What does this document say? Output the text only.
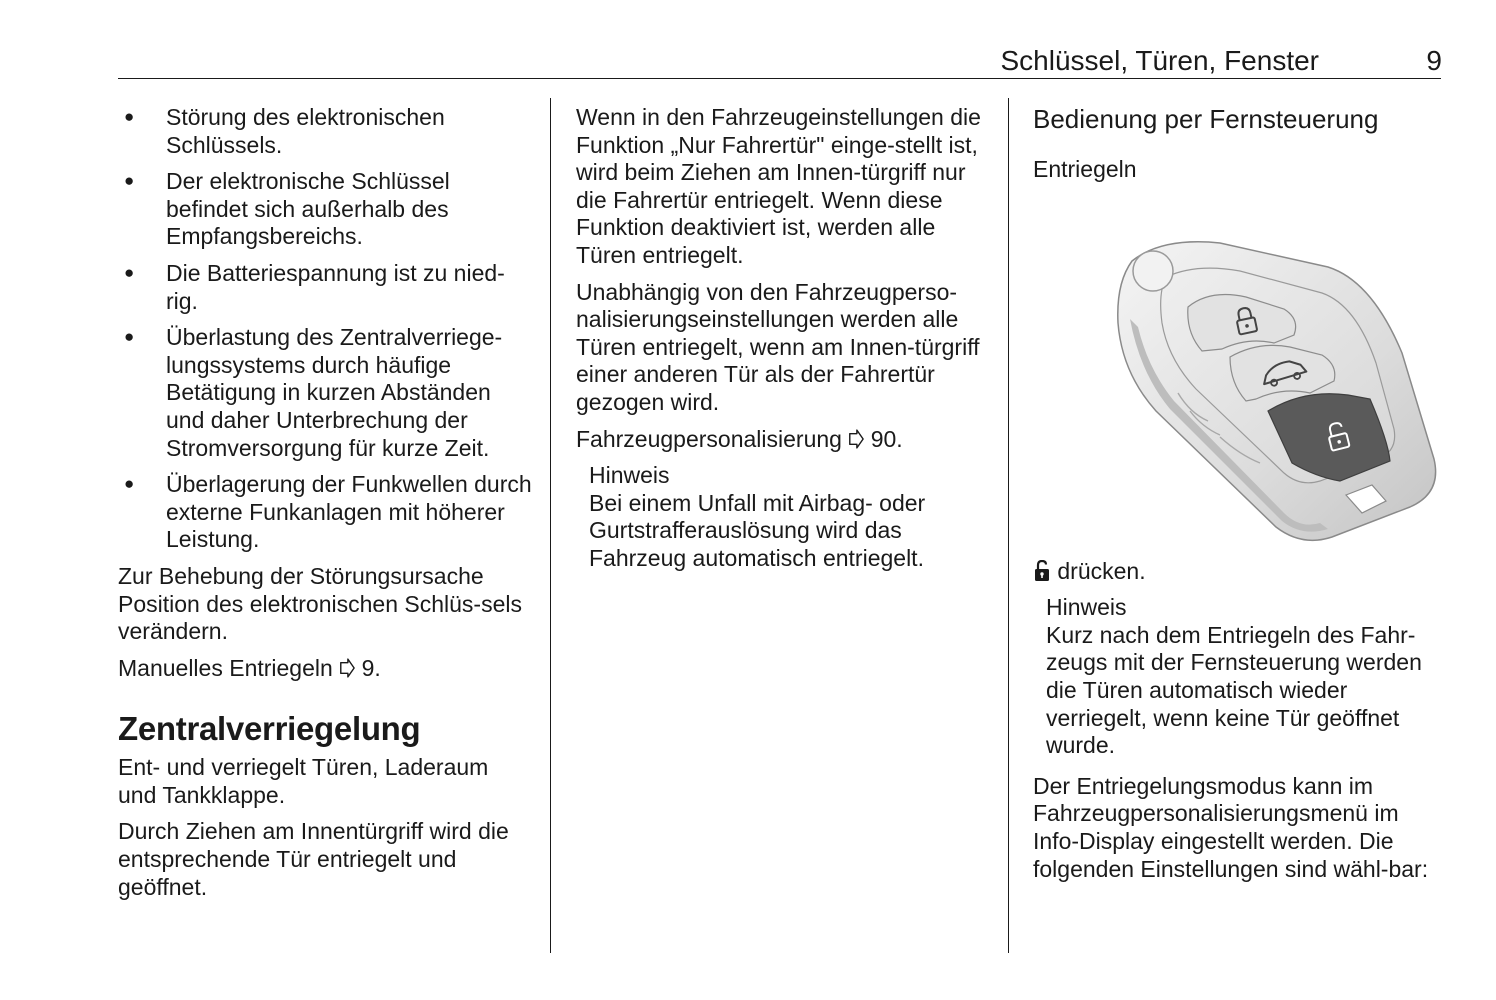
Schlüssel, Türen, Fenster	9
● Störung des elektronischen Schlüssels.
● Der elektronische Schlüssel befindet sich außerhalb des Empfangsbereichs.
● Die Batteriespannung ist zu nied-rig.
● Überlastung des Zentralverriege-lungssystems durch häufige Betätigung in kurzen Abständen und daher Unterbrechung der Stromversorgung für kurze Zeit.
● Überlagerung der Funkwellen durch externe Funkanlagen mit höherer Leistung.

Zur Behebung der Störungsursache Position des elektronischen Schlüs-sels verändern.

Manuelles Entriegeln 9.

Zentralverriegelung

Ent- und verriegelt Türen, Laderaum und Tankklappe.

Durch Ziehen am Innentürgriff wird die entsprechende Tür entriegelt und geöffnet.

Wenn in den Fahrzeugeinstellungen die Funktion „Nur Fahrertür" einge-stellt ist, wird beim Ziehen am Innen-türgriff nur die Fahrertür entriegelt. Wenn diese Funktion deaktiviert ist, werden alle Türen entriegelt.

Unabhängig von den Fahrzeugperso-nalisierungseinstellungen werden alle Türen entriegelt, wenn am Innen-türgriff einer anderen Tür als der Fahrertür gezogen wird.

Fahrzeugpersonalisierung 90.

Hinweis

Bei einem Unfall mit Airbag- oder Gurtstrafferauslösung wird das Fahrzeug automatisch entriegelt.

Bedienung per Fernsteuerung
Entriegeln

drücken.

Hinweis

Kurz nach dem Entriegeln des Fahr-zeugs mit der Fernsteuerung werden die Türen automatisch wieder verriegelt, wenn keine Tür geöffnet wurde.

Der Entriegelungsmodus kann im Fahrzeugpersonalisierungsmenü im Info-Display eingestellt werden. Die folgenden Einstellungen sind wähl-bar:
